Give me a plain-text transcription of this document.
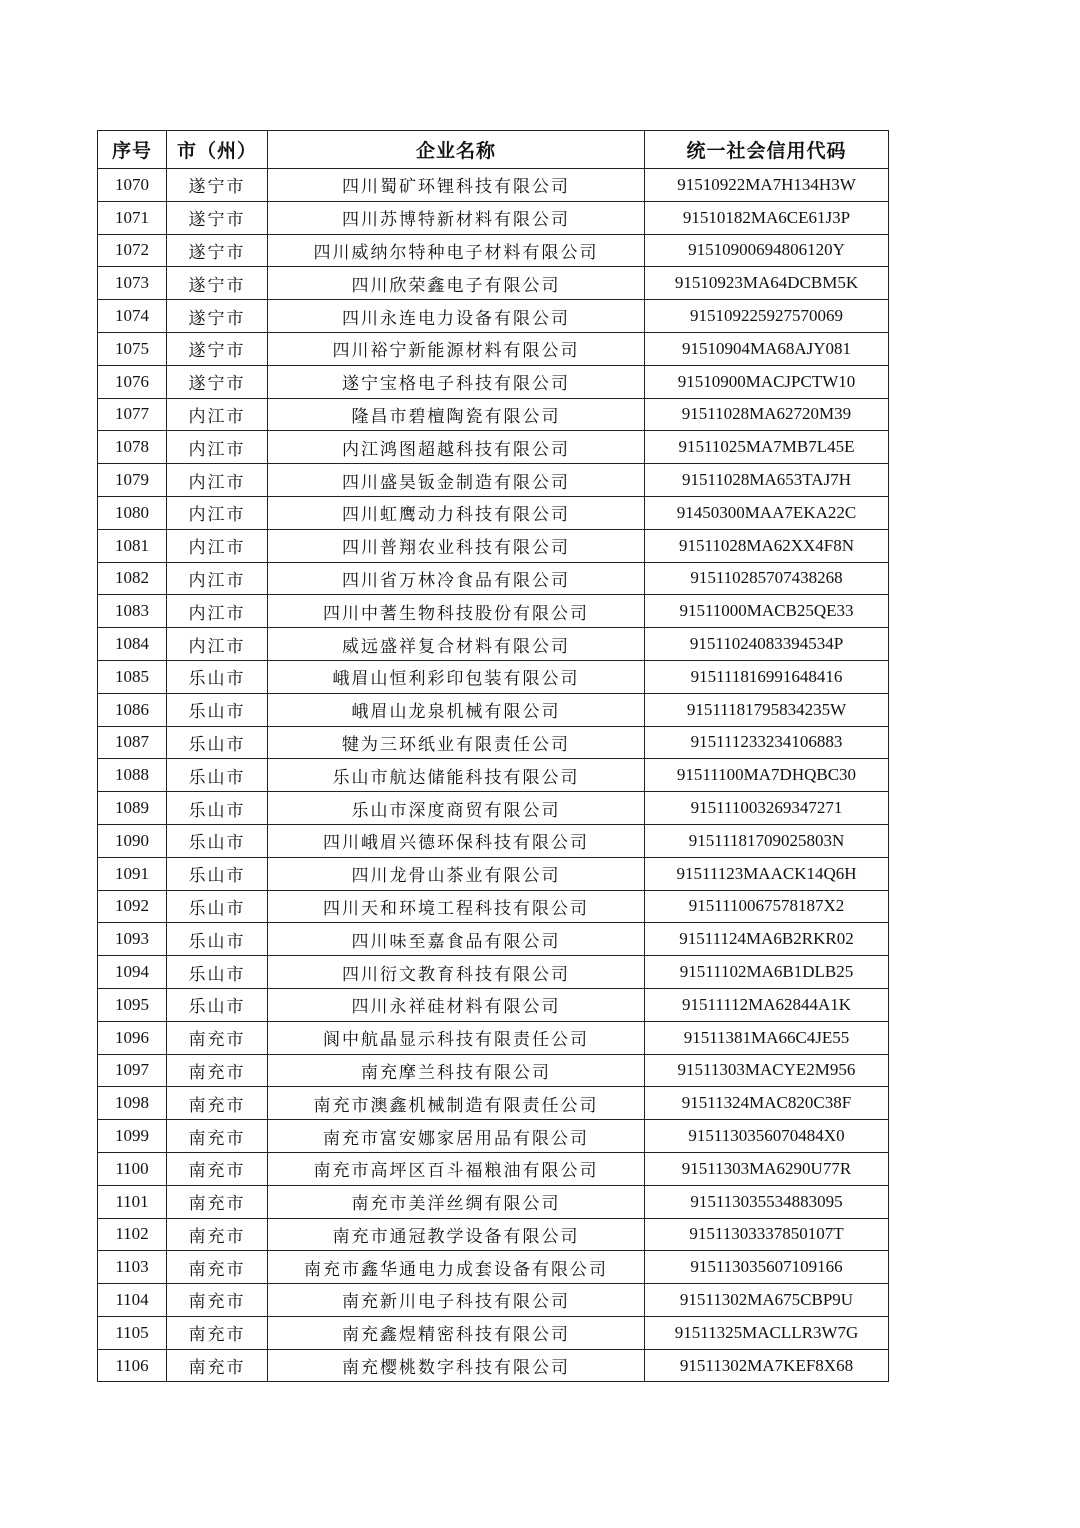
序号	市（州）	企业名称	统一社会信用代码
1070	遂宁市	四川蜀矿环锂科技有限公司	91510922MA7H134H3W
1071	遂宁市	四川苏博特新材料有限公司	91510182MA6CE61J3P
1072	遂宁市	四川威纳尔特种电子材料有限公司	91510900694806120Y
1073	遂宁市	四川欣荣鑫电子有限公司	91510923MA64DCBM5K
1074	遂宁市	四川永连电力设备有限公司	915109225927570069
1075	遂宁市	四川裕宁新能源材料有限公司	91510904MA68AJY081
1076	遂宁市	遂宁宝格电子科技有限公司	91510900MACJPCTW10
1077	内江市	隆昌市碧檀陶瓷有限公司	91511028MA62720M39
1078	内江市	内江鸿图超越科技有限公司	91511025MA7MB7L45E
1079	内江市	四川盛昊钣金制造有限公司	91511028MA653TAJ7H
1080	内江市	四川虹鹰动力科技有限公司	91450300MAA7EKA22C
1081	内江市	四川普翔农业科技有限公司	91511028MA62XX4F8N
1082	内江市	四川省万林冷食品有限公司	915110285707438268
1083	内江市	四川中蓍生物科技股份有限公司	91511000MACB25QE33
1084	内江市	威远盛祥复合材料有限公司	91511024083394534P
1085	乐山市	峨眉山恒利彩印包装有限公司	915111816991648416
1086	乐山市	峨眉山龙泉机械有限公司	91511181795834235W
1087	乐山市	犍为三环纸业有限责任公司	915111233234106883
1088	乐山市	乐山市航达储能科技有限公司	91511100MA7DHQBC30
1089	乐山市	乐山市深度商贸有限公司	915111003269347271
1090	乐山市	四川峨眉兴德环保科技有限公司	91511181709025803N
1091	乐山市	四川龙骨山茶业有限公司	91511123MAACK14Q6H
1092	乐山市	四川天和环境工程科技有限公司	9151110067578187X2
1093	乐山市	四川味至嘉食品有限公司	91511124MA6B2RKR02
1094	乐山市	四川衍文教育科技有限公司	91511102MA6B1DLB25
1095	乐山市	四川永祥硅材料有限公司	91511112MA62844A1K
1096	南充市	阆中航晶显示科技有限责任公司	91511381MA66C4JE55
1097	南充市	南充摩兰科技有限公司	91511303MACYE2M956
1098	南充市	南充市澳鑫机械制造有限责任公司	91511324MAC820C38F
1099	南充市	南充市富安娜家居用品有限公司	9151130356070484X0
1100	南充市	南充市高坪区百斗福粮油有限公司	91511303MA6290U77R
1101	南充市	南充市美洋丝绸有限公司	915113035534883095
1102	南充市	南充市通冠教学设备有限公司	91511303337850107T
1103	南充市	南充市鑫华通电力成套设备有限公司	915113035607109166
1104	南充市	南充新川电子科技有限公司	91511302MA675CBP9U
1105	南充市	南充鑫煜精密科技有限公司	91511325MACLLR3W7G
1106	南充市	南充樱桃数字科技有限公司	91511302MA7KEF8X68
